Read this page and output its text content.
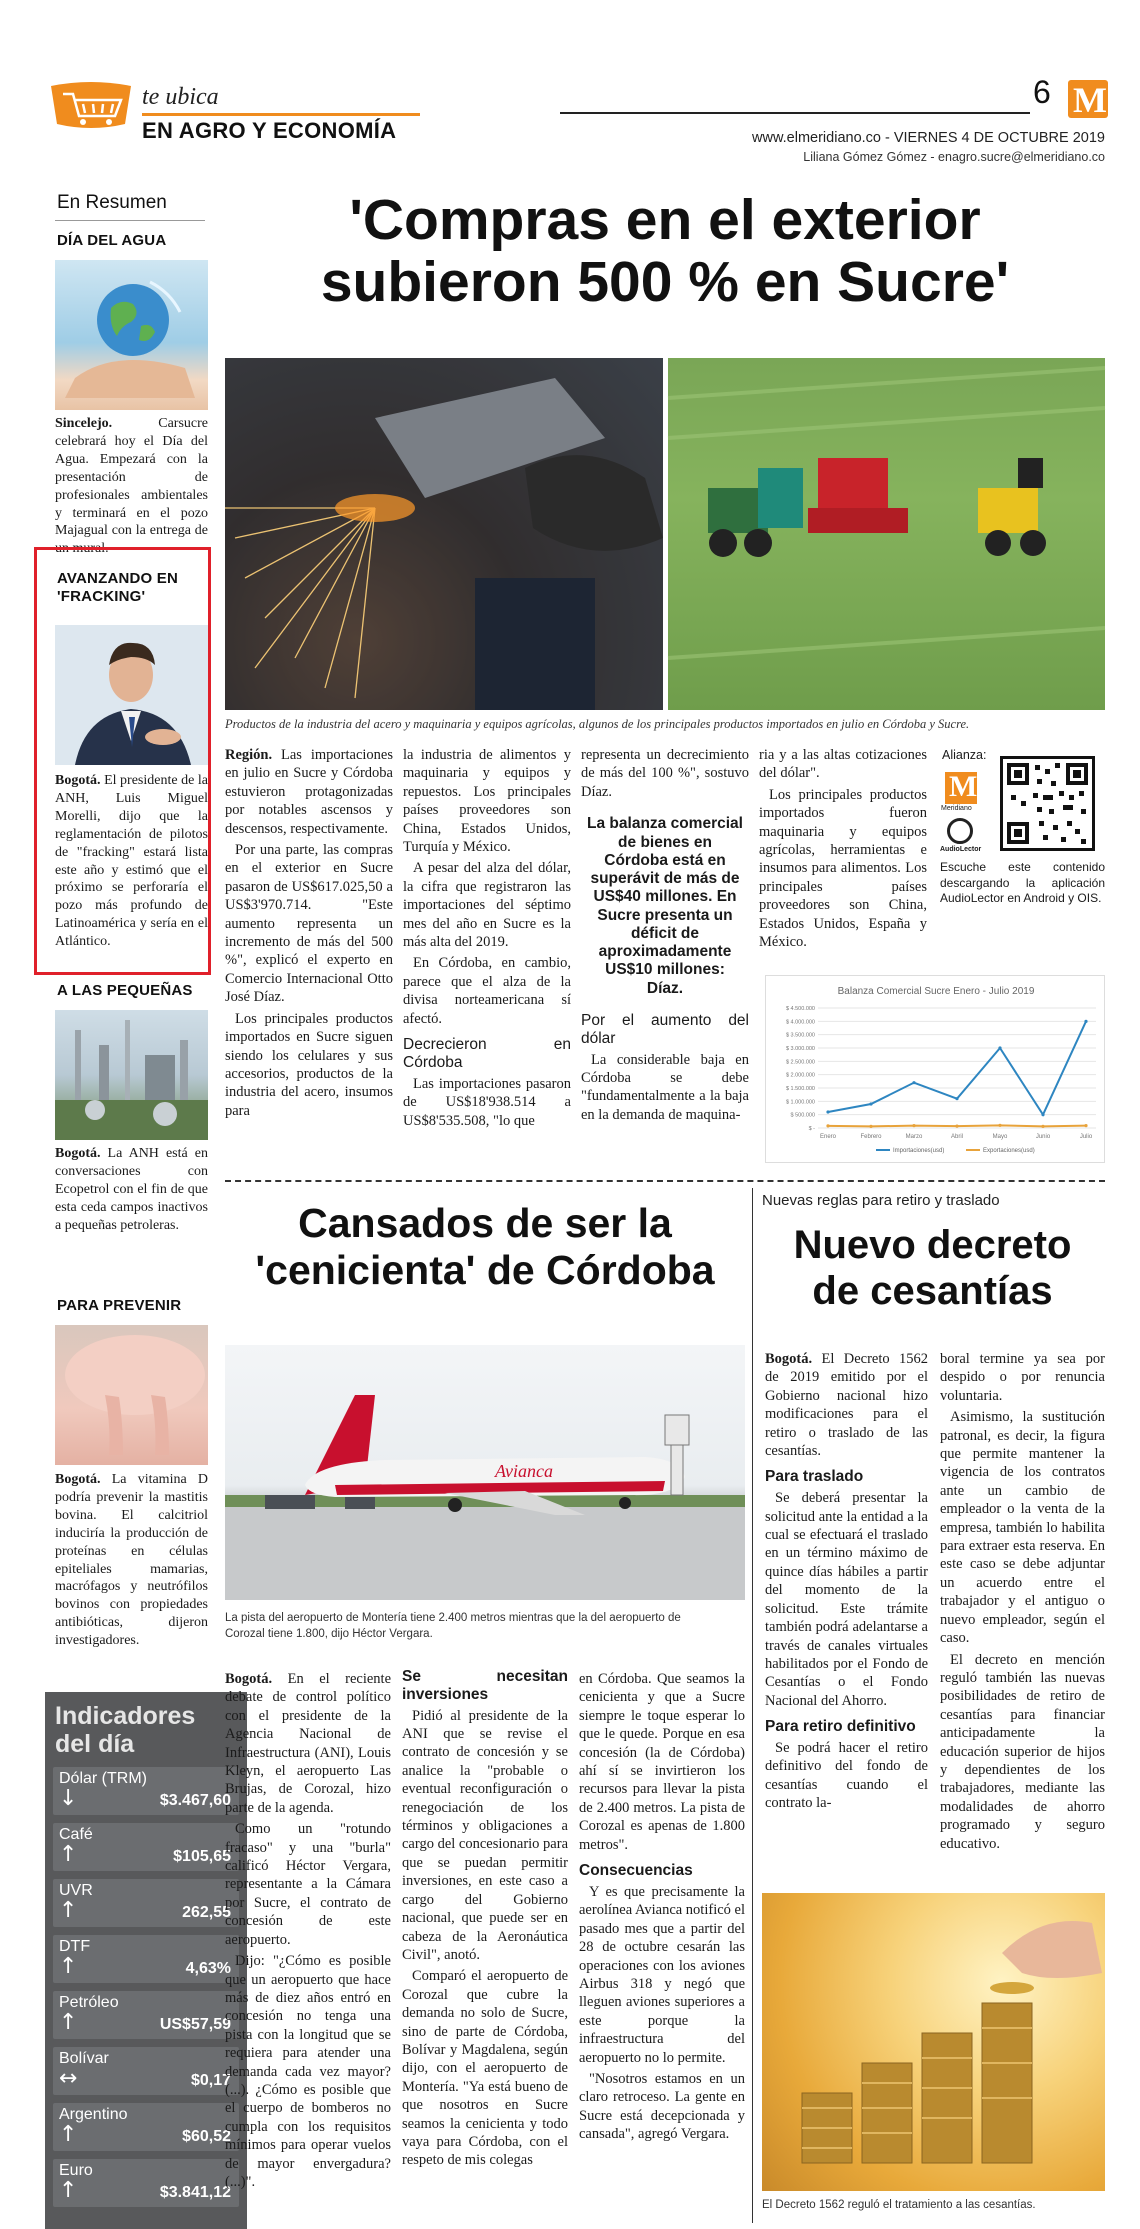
te ubica
EN AGRO Y ECONOMÍA
6 M
www.elmeridiano.co - VIERNES 4 DE OCTUBRE 2019
Liliana Gómez Gómez - enagro.sucre@elmeridiano.co
En Resumen
DÍA DEL AGUA
Sincelejo.	Carsucre celebrará hoy el Día del Agua. Empezará con la presentación de profesionales ambientales y terminará en el pozo Majagual con la entrega de un mural.
AVANZANDO EN 'FRACKING'
Bogotá. El presidente de la ANH, Luis Miguel Morelli, dijo que la reglamentación de pilotos de "fracking" estará lista este año y estimó que el próximo se perforaría el pozo más profundo de Latinoamérica y sería en el Atlántico.
A LAS PEQUEÑAS
Bogotá. La ANH está en conversaciones con Ecopetrol con el fin de que esta ceda campos inactivos a pequeñas petroleras.
PARA PREVENIR
Bogotá. La vitamina D podría prevenir la mastitis bovina. El calcitriol induciría la producción de proteínas en células epiteliales mamarias, macrófagos y neutrófilos bovinos con propiedades antibióticas, dijeron investigadores.
Indicadores
del día
Dólar (TRM)
↓	$3.467,60
Café
↑	$105,65
UVR
↑	262,55
DTF
↑	4,63%
Petróleo
↑	US$57,59
Bolívar
↔	$0,17
Argentino
↑	$60,52
Euro
↑	$3.841,12
'Compras en el exterior
subieron 500 % en Sucre'
Productos de la industria del acero y maquinaria y equipos agrícolas, algunos de los principales productos importados en julio en Córdoba y Sucre.

Región. Las importaciones en julio en Sucre y Córdoba estuvieron protagonizadas por notables ascensos y descensos, respectivamente.

Por una parte, las compras en el exterior en Sucre pasaron de US$617.025,50 a US$3'970.714. "Este aumento representa un incremento de más del 500 %", explicó el experto en Comercio Internacional Otto José Díaz.

Los principales productos importados en Sucre siguen siendo los celulares y sus accesorios, productos de la industria del acero, insumos para

la industria de alimentos y maquinaria y equipos y repuestos. Los principales países proveedores son China, Estados Unidos, Turquía y México.

A pesar del alza del dólar, la cifra que registraron las importaciones del séptimo mes del año en Sucre es la más alta del 2019.

En Córdoba, en cambio, parece que el alza de la divisa norteamericana sí afectó.

Decrecieron en Córdoba

Las importaciones pasaron de US$18'938.514 a US$8'535.508, "lo que

representa un decrecimiento de más del 100 %", sostuvo Díaz.

La balanza comercial de bienes en Córdoba está en superávit de más de US$40 millones. En Sucre presenta un déficit de aproximadamente US$10 millones: Díaz.
Por el aumento del dólar

La considerable baja en Córdoba se debe "fundamentalmente a la baja en la demanda de maquina-

ria y a las altas cotizaciones del dólar".

Los principales productos importados fueron maquinaria y equipos agrícolas, herramientas e insumos para alimentos. Los principales países proveedores son China, Estados Unidos, España y México.

Alianza:
M
Meridiano
AudioLector
Escuche este contenido descargando la aplicación AudioLector en Android y OIS.
Balanza Comercial Sucre Enero - Julio 2019
$ 4.500.000
$ 4.000.000
$ 3.500.000
$ 3.000.000
$ 2.500.000
$ 2.000.000
$ 1.500.000
$ 1.000.000
$ 500.000
$ -
Enero	Febrero	Marzo	Abril	Mayo	Junio	Julio
Importaciones(usd)	Exportaciones(usd)
Cansados de ser la
'cenicienta' de Córdoba
Avianca
La pista del aeropuerto de Montería tiene 2.400 metros mientras que la del aeropuerto de
Corozal tiene 1.800, dijo Héctor Vergara.

Bogotá. En el reciente debate de control político con el presidente de la Agencia Nacional de Infraestructura (ANI), Louis Kleyn, el aeropuerto Las Brujas, de Corozal, hizo parte de la agenda.

Como un "rotundo fracaso" y una "burla" calificó Héctor Vergara, representante a la Cámara por Sucre, el contrato de concesión de este aeropuerto.

Dijo: "¿Cómo es posible que un aeropuerto que hace más de diez años entró en concesión no tenga una pista con la longitud que se requiera para atender una demanda cada vez mayor? (...). ¿Cómo es posible que el cuerpo de bomberos no cumpla con los requisitos mínimos para operar vuelos de mayor envergadura? (...)".

Se necesitan inversiones

Pidió al presidente de la ANI que se revise el contrato de concesión y se analice la "probable o eventual reconfiguración o renegociación de los términos y obligaciones a cargo del concesionario para que se puedan permitir inversiones, en este caso a cargo del Gobierno nacional, que puede ser en cabeza de la Aeronáutica Civil", anotó.

Comparó el aeropuerto de Corozal que cubre la demanda no solo de Sucre, sino de parte de Córdoba, Bolívar y Magdalena, según dijo, con el aeropuerto de Montería. "Ya está bueno de que nosotros en Sucre seamos la cenicienta y todo vaya para Córdoba, con el respeto de mis colegas

en Córdoba. Que seamos la cenicienta y que a Sucre siempre le toque esperar lo que le quede. Porque en esa concesión (la de Córdoba) ahí sí se invirtieron los recursos para llevar la pista de 2.400 metros. La pista de Corozal es apenas de 1.800 metros".

Consecuencias

Y es que precisamente la aerolínea Avianca notificó el pasado mes que a partir del 28 de octubre cesarán las operaciones con los aviones Airbus 318 y negó que lleguen aviones superiores a este porque la infraestructura del aeropuerto no lo permite.

"Nosotros estamos en un claro retroceso. La gente en Sucre está decepcionada y cansada", agregó Vergara.

Nuevas reglas para retiro y traslado
Nuevo decreto
de cesantías

Bogotá. El Decreto 1562 de 2019 emitido por el Gobierno nacional hizo modificaciones para el retiro o traslado de las cesantías.

Para traslado

Se deberá presentar la solicitud ante la entidad a la cual se efectuará el traslado en un término máximo de quince días hábiles a partir del momento de la solicitud. Este trámite también podrá adelantarse a través de canales virtuales habilitados por el Fondo de Cesantías o el Fondo Nacional del Ahorro.

Para retiro definitivo

Se podrá hacer el retiro definitivo del fondo de cesantías cuando el contrato la-

boral termine ya sea por despido o por renuncia voluntaria.

Asimismo, la sustitución patronal, es decir, la figura que permite mantener la vigencia de los contratos ante un cambio de empleador o la venta de la empresa, también lo habilita para extraer esta reserva. En este caso se debe adjuntar un acuerdo entre el trabajador y el antiguo o nuevo empleador, según el caso.

El decreto en mención reguló también las nuevas posibilidades de retiro de cesantías para financiar anticipadamente la educación superior de hijos y dependientes de los trabajadores, mediante las modalidades de ahorro programado y seguro educativo.

El Decreto 1562 reguló el tratamiento a las cesantías.
